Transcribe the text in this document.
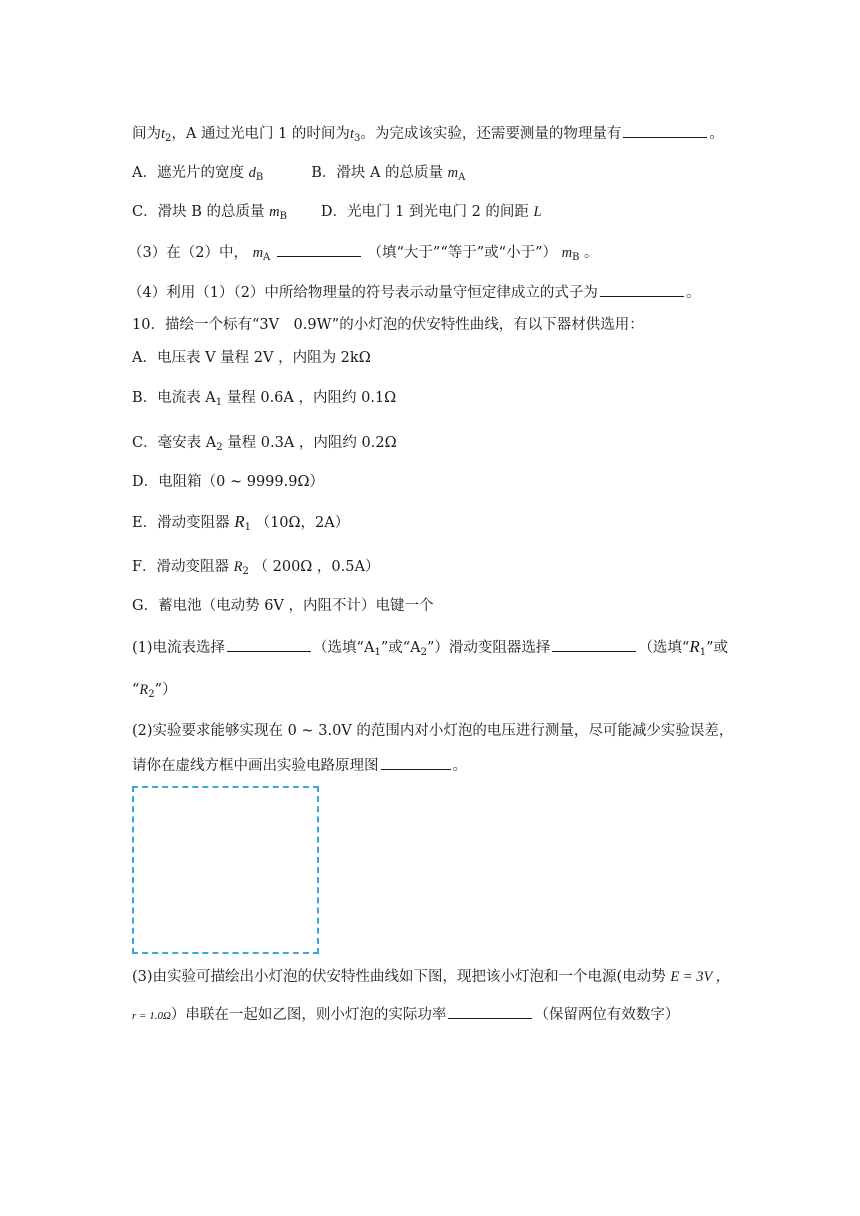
间为$t_2$，A 通过光电门 1 的时间为$t_3$。为完成该实验，还需要测量的物理量有	。
A．遮光片的宽度 $d_B$	B．滑块 A 的总质量 $m_A$
C．滑块 B 的总质量 $m_B$ D．光电门 1 到光电门 2 的间距 L
（3）在（2）中， $m_A$	（填“大于”“等于”或“小于”） $m_B$ 。
（4）利用（1）（2）中所给物理量的符号表示动量守恒定律成立的式子为	。
10．描绘一个标有“3V　0.9W”的小灯泡的伏安特性曲线，有以下器材供选用：
A．电压表 V 量程 2V ，内阻为 2kΩ
B．电流表 $A_1$ 量程 0.6A ，内阻约 0.1Ω
C．毫安表 $A_2$ 量程 0.3A ，内阻约 0.2Ω
D．电阻箱（0 ~ 9999.9Ω）
E．滑动变阻器 $R_1$ （10Ω，2A）
F．滑动变阻器 $R_2$ （ 200Ω ，0.5A）
G．蓄电池（电动势 6V ，内阻不计）电键一个
(1)电流表选择	（选填“$A_1$”或“$A_2$”）滑动变阻器选择	（选填“$R_1$”或
“$R_2$”）
(2)实验要求能够实现在 0 ~ 3.0V 的范围内对小灯泡的电压进行测量，尽可能减少实验误差，
请你在虚线方框中画出实验电路原理图	。
(3)由实验可描绘出小灯泡的伏安特性曲线如下图，现把该小灯泡和一个电源(电动势 E = 3V ，
r = 1.0Ω）串联在一起如乙图，则小灯泡的实际功率	（保留两位有效数字）
